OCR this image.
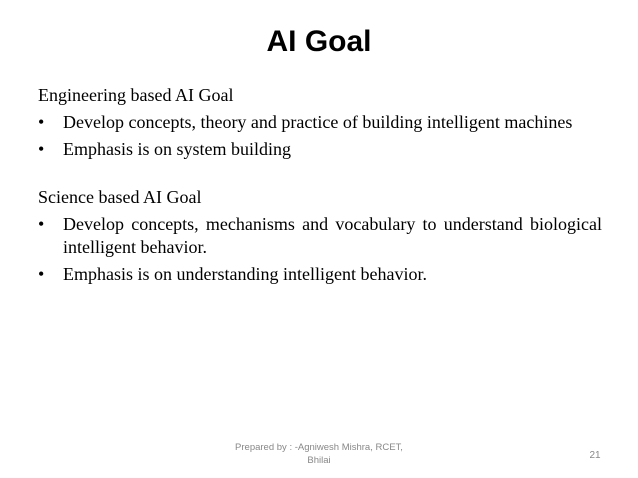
AI Goal
Engineering based AI Goal
• Develop concepts, theory and practice of building intelligent machines
• Emphasis is on system building
Science based AI Goal
• Develop concepts, mechanisms and vocabulary to understand biological intelligent behavior.
• Emphasis is on understanding intelligent behavior.
Prepared by : -Agniwesh Mishra, RCET,
Bhilai	21
